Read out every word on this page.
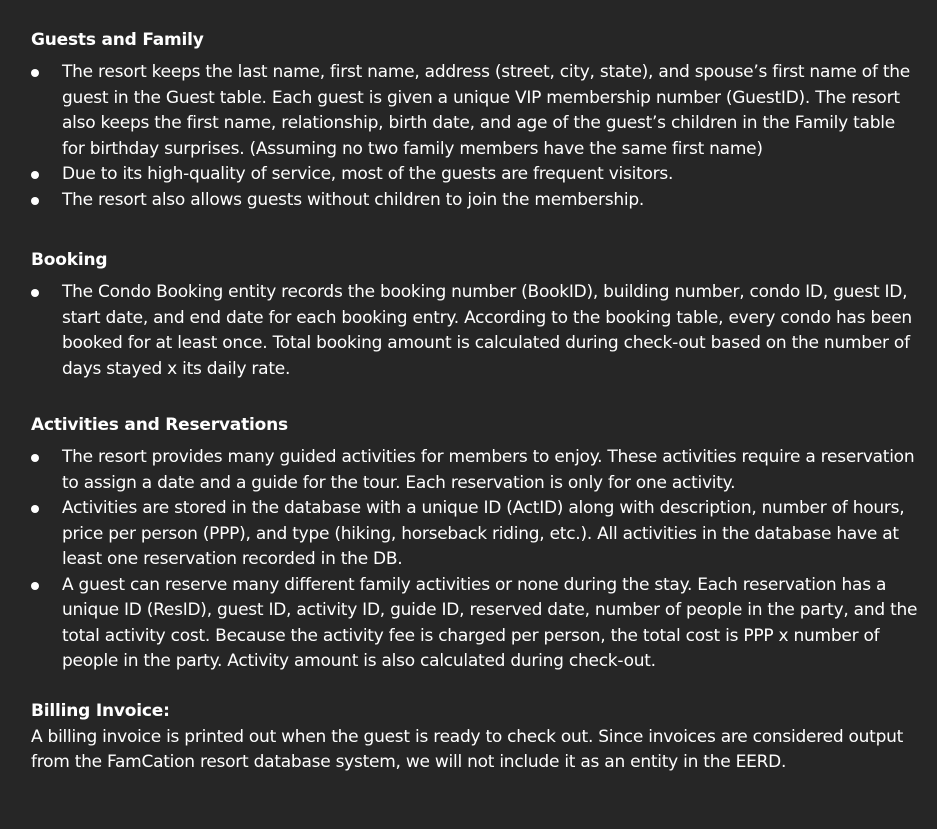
Guests and Family

The resort keeps the last name, first name, address (street, city, state), and spouse’s first name of the guest in the Guest table. Each guest is given a unique VIP membership number (GuestID). The resort also keeps the first name, relationship, birth date, and age of the guest’s children in the Family table for birthday surprises. (Assuming no two family members have the same first name)
Due to its high-quality of service, most of the guests are frequent visitors.
The resort also allows guests without children to join the membership.

Booking

The Condo Booking entity records the booking number (BookID), building number, condo ID, guest ID, start date, and end date for each booking entry. According to the booking table, every condo has been booked for at least once. Total booking amount is calculated during check-out based on the number of days stayed x its daily rate.

Activities and Reservations

The resort provides many guided activities for members to enjoy. These activities require a reservation to assign a date and a guide for the tour. Each reservation is only for one activity.
Activities are stored in the database with a unique ID (ActID) along with description, number of hours, price per person (PPP), and type (hiking, horseback riding, etc.). All activities in the database have at least one reservation recorded in the DB.
A guest can reserve many different family activities or none during the stay. Each reservation has a unique ID (ResID), guest ID, activity ID, guide ID, reserved date, number of people in the party, and the total activity cost. Because the activity fee is charged per person, the total cost is PPP x number of people in the party. Activity amount is also calculated during check-out.

Billing Invoice:

A billing invoice is printed out when the guest is ready to check out. Since invoices are considered output from the FamCation resort database system, we will not include it as an entity in the EERD.
